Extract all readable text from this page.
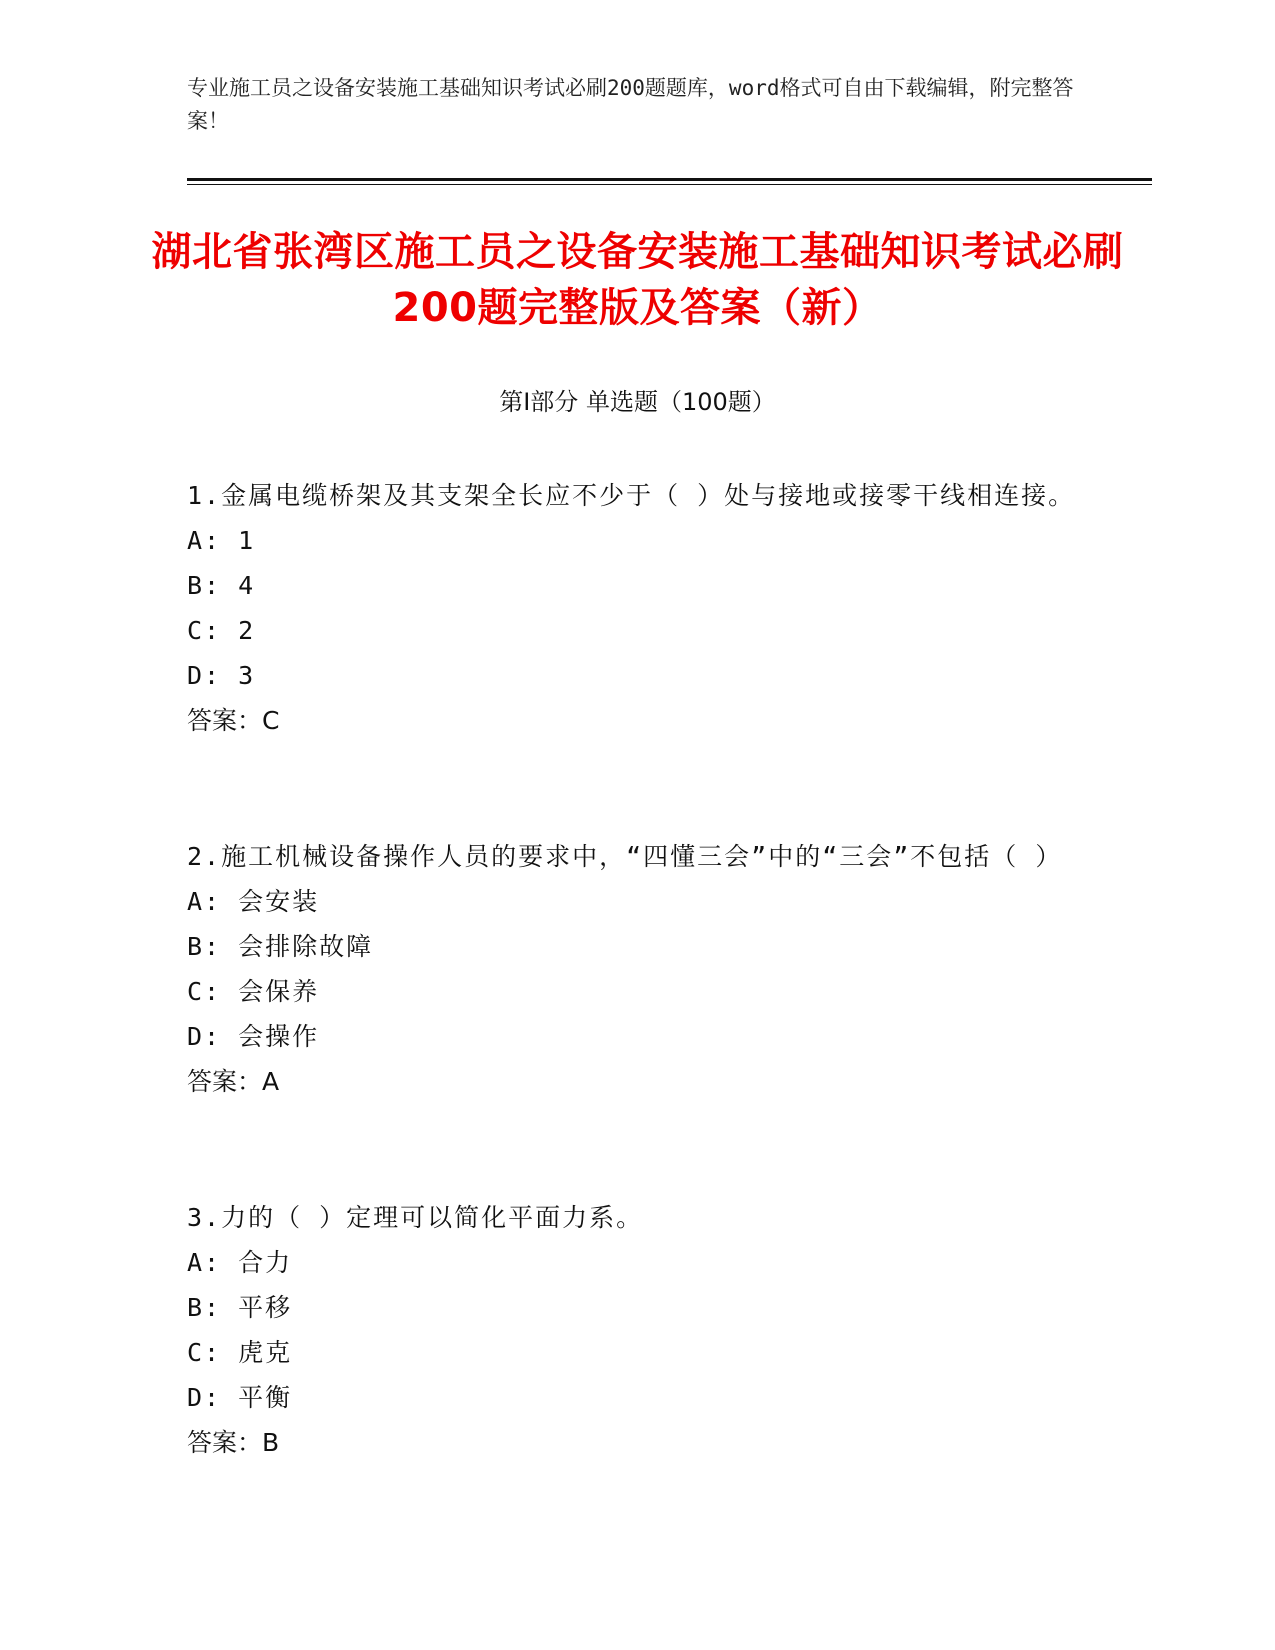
专业施工员之设备安装施工基础知识考试必刷200题题库，word格式可自由下载编辑，附完整答案！
湖北省张湾区施工员之设备安装施工基础知识考试必刷200题完整版及答案（新）
第Ⅰ部分 单选题（100题）

1.金属电缆桥架及其支架全长应不少于（ ）处与接地或接零干线相连接。

A: 1

B: 4

C: 2

D: 3

答案：C

2.施工机械设备操作人员的要求中，“四懂三会”中的“三会”不包括（ ）

A: 会安装

B: 会排除故障

C: 会保养

D: 会操作

答案：A

3.力的（ ）定理可以简化平面力系。

A: 合力

B: 平移

C: 虎克

D: 平衡

答案：B
